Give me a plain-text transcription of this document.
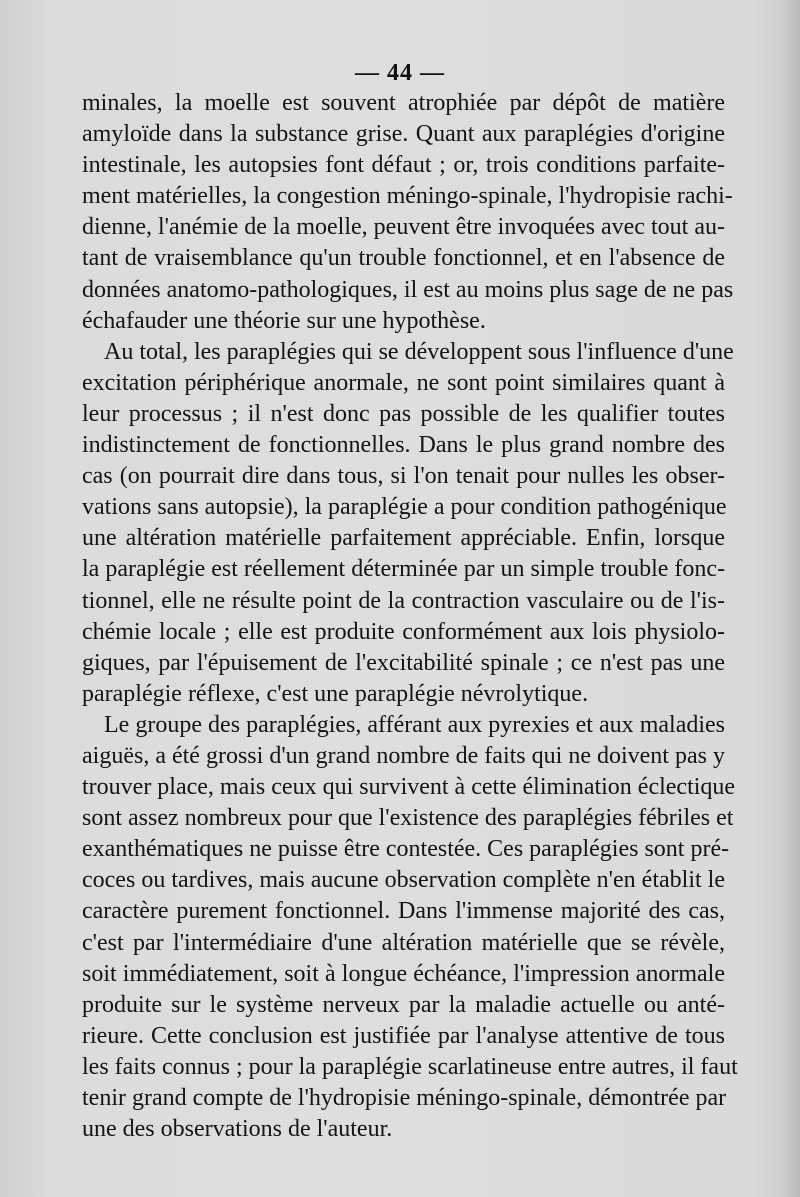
— 44 —
minales, la moelle est souvent atrophiée par dépôt de matière
amyloïde dans la substance grise. Quant aux paraplégies d'origine
intestinale, les autopsies font défaut ; or, trois conditions parfaite-
ment matérielles, la congestion méningo-spinale, l'hydropisie rachi-
dienne, l'anémie de la moelle, peuvent être invoquées avec tout au-
tant de vraisemblance qu'un trouble fonctionnel, et en l'absence de
données anatomo-pathologiques, il est au moins plus sage de ne pas
échafauder une théorie sur une hypothèse.
Au total, les paraplégies qui se développent sous l'influence d'une
excitation périphérique anormale, ne sont point similaires quant à
leur processus ; il n'est donc pas possible de les qualifier toutes
indistinctement de fonctionnelles. Dans le plus grand nombre des
cas (on pourrait dire dans tous, si l'on tenait pour nulles les obser-
vations sans autopsie), la paraplégie a pour condition pathogénique
une altération matérielle parfaitement appréciable. Enfin, lorsque
la paraplégie est réellement déterminée par un simple trouble fonc-
tionnel, elle ne résulte point de la contraction vasculaire ou de l'is-
chémie locale ; elle est produite conformément aux lois physiolo-
giques, par l'épuisement de l'excitabilité spinale ; ce n'est pas une
paraplégie réflexe, c'est une paraplégie névrolytique.
Le groupe des paraplégies, afférant aux pyrexies et aux maladies
aiguës, a été grossi d'un grand nombre de faits qui ne doivent pas y
trouver place, mais ceux qui survivent à cette élimination éclectique
sont assez nombreux pour que l'existence des paraplégies fébriles et
exanthématiques ne puisse être contestée. Ces paraplégies sont pré-
coces ou tardives, mais aucune observation complète n'en établit le
caractère purement fonctionnel. Dans l'immense majorité des cas,
c'est par l'intermédiaire d'une altération matérielle que se révèle,
soit immédiatement, soit à longue échéance, l'impression anormale
produite sur le système nerveux par la maladie actuelle ou anté-
rieure. Cette conclusion est justifiée par l'analyse attentive de tous
les faits connus ; pour la paraplégie scarlatineuse entre autres, il faut
tenir grand compte de l'hydropisie méningo-spinale, démontrée par
une des observations de l'auteur.
